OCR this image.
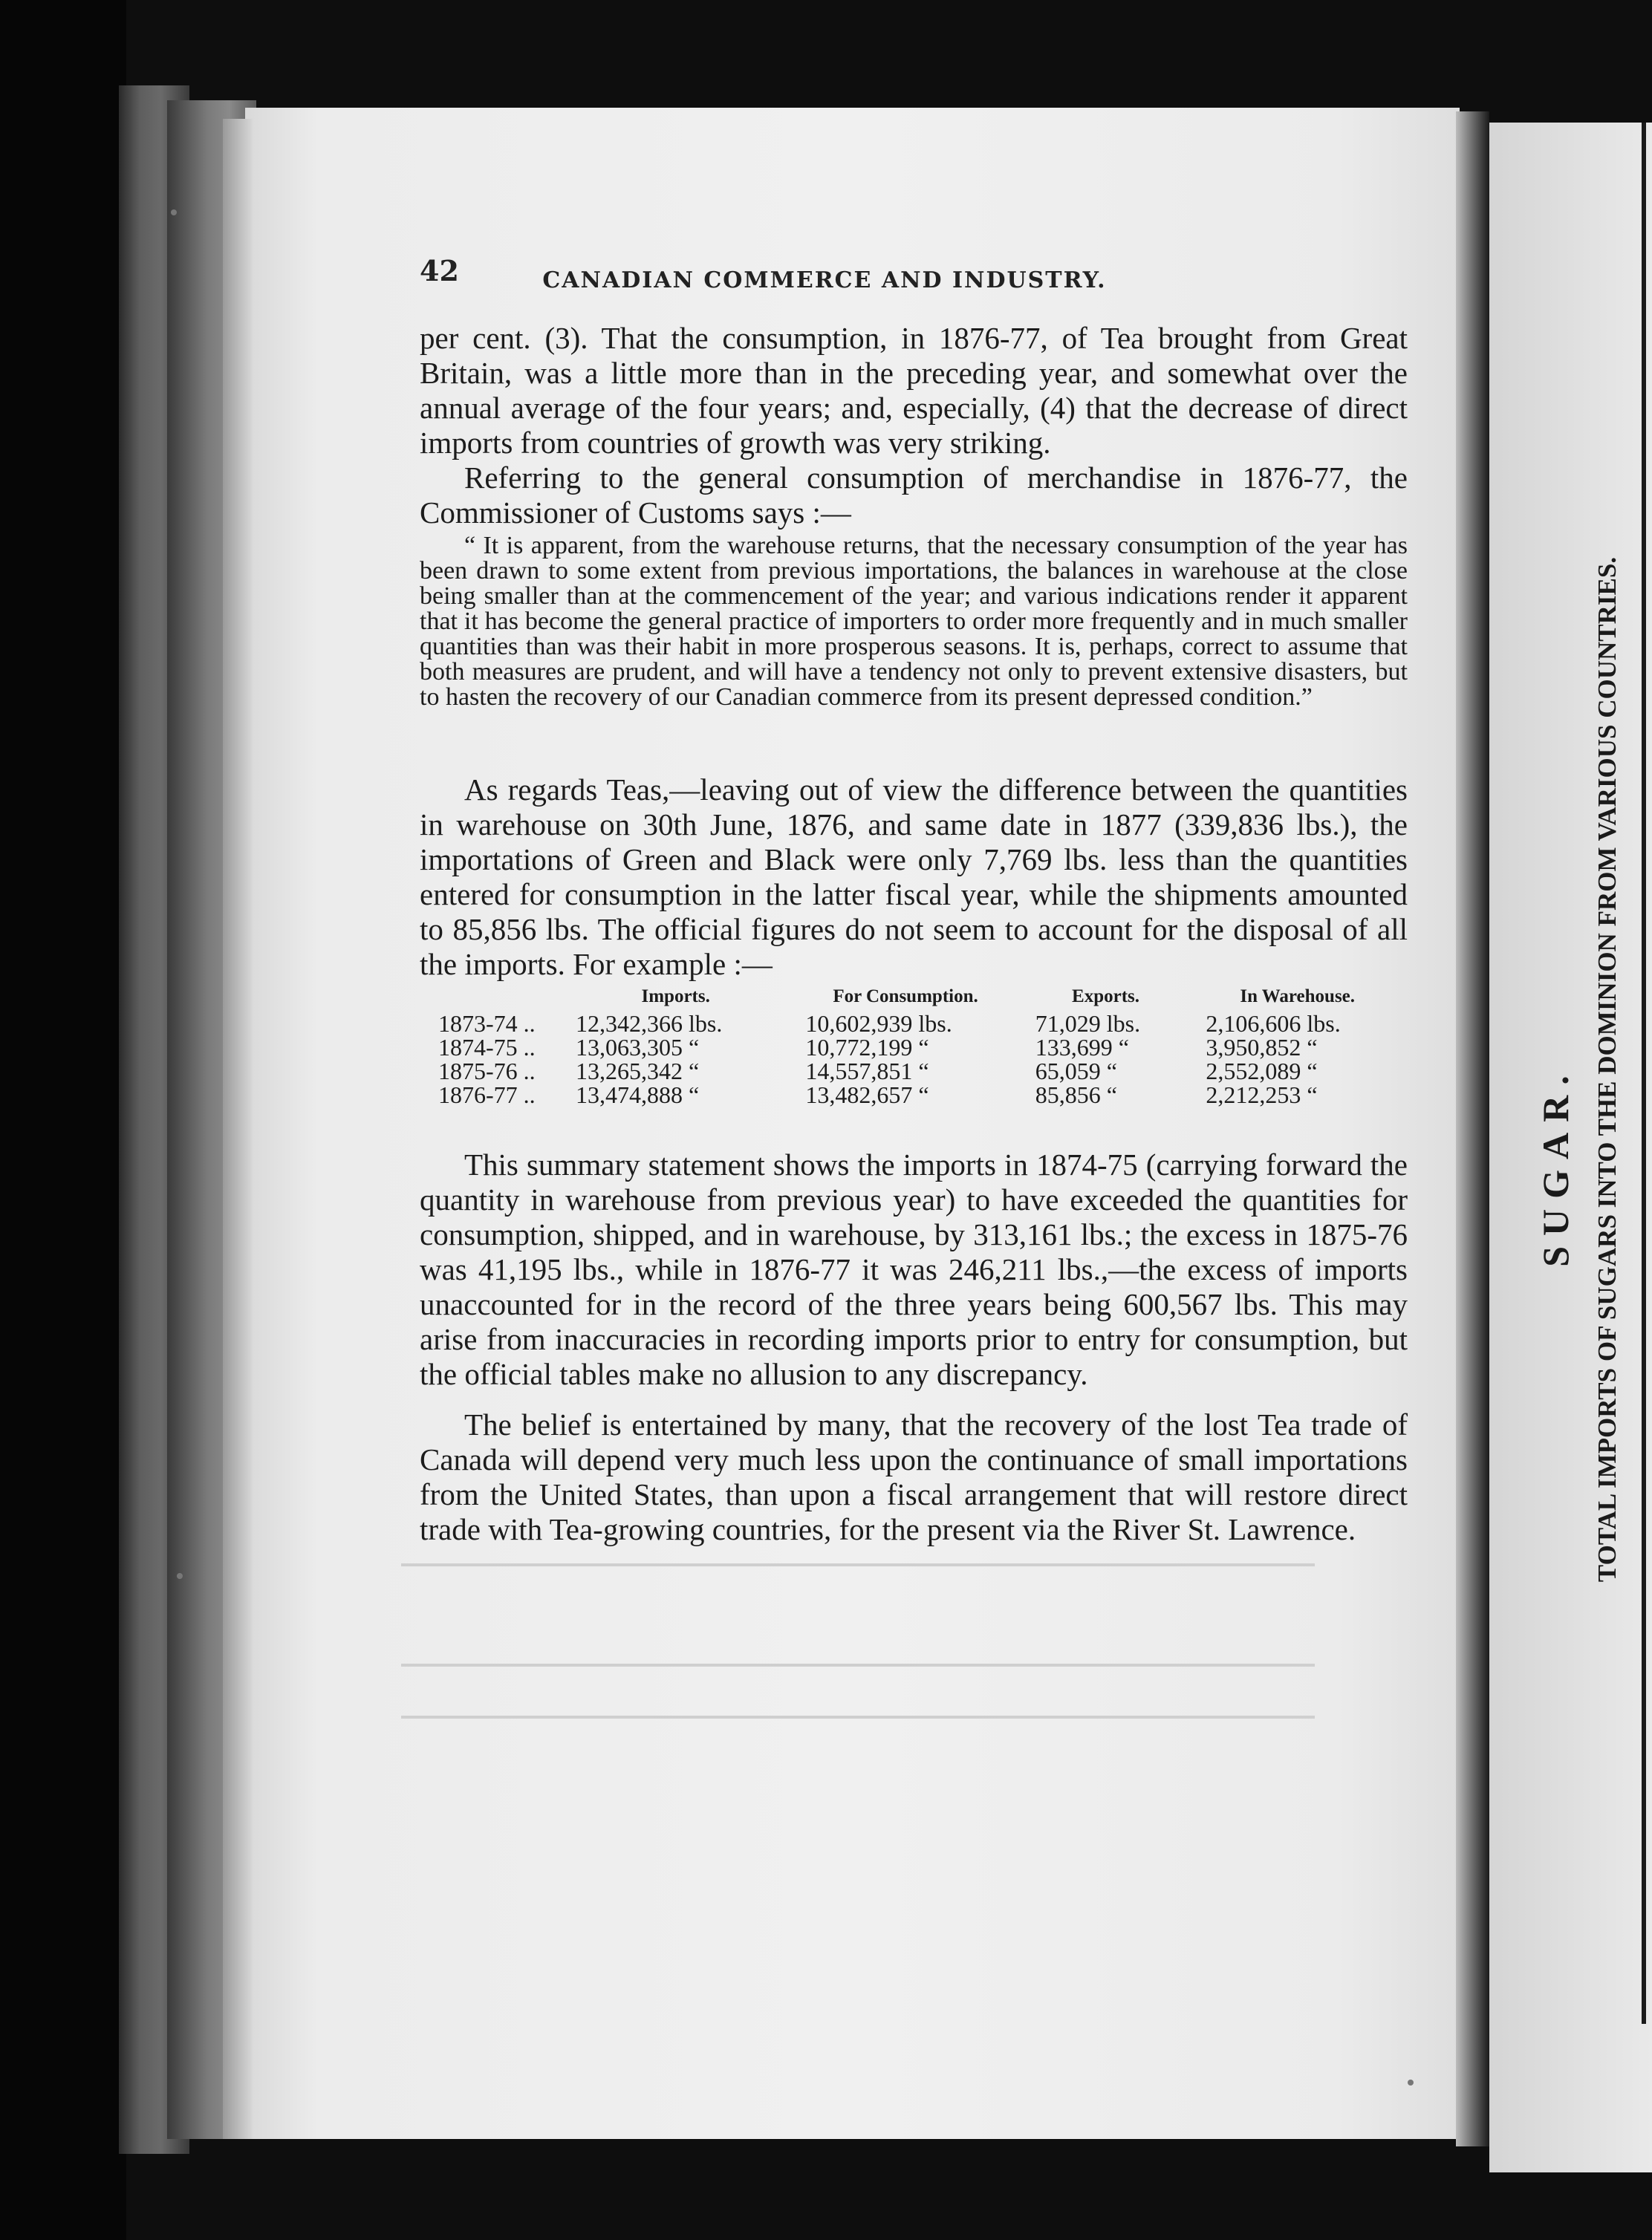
42	CANADIAN COMMERCE AND INDUSTRY.

per cent. (3). That the consumption, in 1876-77, of Tea brought from Great Britain, was a little more than in the preceding year, and somewhat over the annual average of the four years; and, especially, (4) that the decrease of direct imports from countries of growth was very striking.

Referring to the general consumption of merchandise in 1876-77, the Commissioner of Customs says :—

“ It is apparent, from the warehouse returns, that the necessary consumption of the year has been drawn to some extent from previous importations, the balances in warehouse at the close being smaller than at the commencement of the year; and various indications render it apparent that it has become the general practice of importers to order more frequently and in much smaller quantities than was their habit in more prosperous seasons. It is, perhaps, correct to assume that both measures are prudent, and will have a tendency not only to prevent extensive disasters, but to hasten the recovery of our Canadian commerce from its present depressed condition.”

As regards Teas,—leaving out of view the difference between the quantities in warehouse on 30th June, 1876, and same date in 1877 (339,836 lbs.), the importations of Green and Black were only 7,769 lbs. less than the quantities entered for consumption in the latter fiscal year, while the shipments amounted to 85,856 lbs. The official figures do not seem to account for the disposal of all the imports. For example :—

	Imports.	For Consumption.	Exports.	In Warehouse.
1873-74 ..	12,342,366 lbs.	10,602,939 lbs.	71,029 lbs.	2,106,606 lbs.
1874-75 ..	13,063,305 “	10,772,199 “	133,699 “	3,950,852 “
1875-76 ..	13,265,342 “	14,557,851 “	65,059 “	2,552,089 “
1876-77 ..	13,474,888 “	13,482,657 “	85,856 “	2,212,253 “

This summary statement shows the imports in 1874-75 (carrying forward the quantity in warehouse from previous year) to have exceeded the quantities for consumption, shipped, and in warehouse, by 313,161 lbs.; the excess in 1875-76 was 41,195 lbs., while in 1876-77 it was 246,211 lbs.,—the excess of imports unaccounted for in the record of the three years being 600,567 lbs. This may arise from inaccuracies in recording imports prior to entry for consumption, but the official tables make no allusion to any discrepancy.

The belief is entertained by many, that the recovery of the lost Tea trade of Canada will depend very much less upon the continuance of small importations from the United States, than upon a fiscal arrangement that will restore direct trade with Tea-growing countries, for the present via the River St. Lawrence.

SUGAR. TOTAL IMPORTS OF SUGARS INTO THE DOMINION FROM VARIOUS COUNTRIES.
